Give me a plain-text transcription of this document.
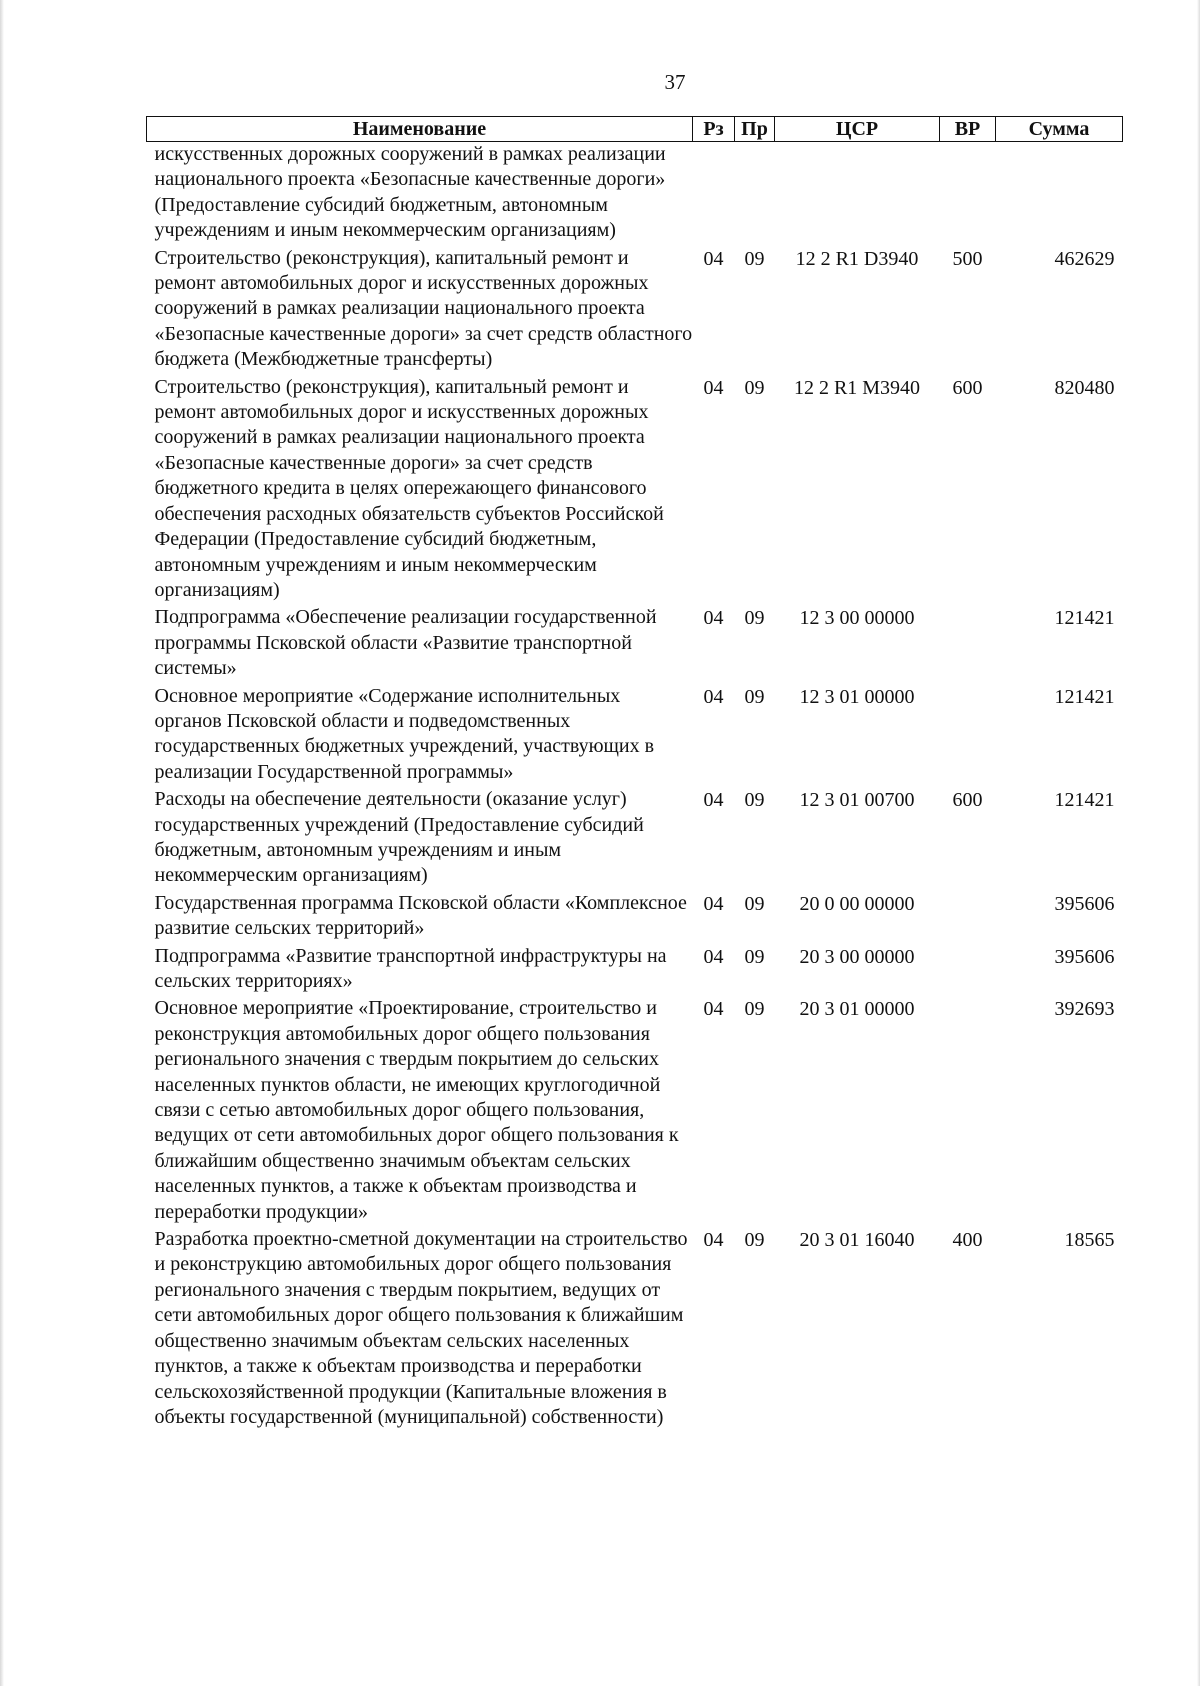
37
Наименование	Рз	Пр	ЦСР	ВР	Сумма
искусственных дорожных сооружений в рамках реализации национального проекта «Безопасные качественные дороги» (Предоставление субсидий бюджетным, автономным учреждениям и иным некоммерческим организациям)					
Строительство (реконструкция), капитальный ремонт и ремонт автомобильных дорог и искусственных дорожных сооружений в рамках реализации национального проекта «Безопасные качественные дороги» за счет средств областного бюджета (Межбюджетные трансферты)	04	09	12 2 R1 D3940	500	462629
Строительство (реконструкция), капитальный ремонт и ремонт автомобильных дорог и искусственных дорожных сооружений в рамках реализации национального проекта «Безопасные качественные дороги» за счет средств бюджетного кредита в целях опережающего финансового обеспечения расходных обязательств субъектов Российской Федерации (Предоставление субсидий бюджетным, автономным учреждениям и иным некоммерческим организациям)	04	09	12 2 R1 M3940	600	820480
Подпрограмма «Обеспечение реализации государственной программы Псковской области «Развитие транспортной системы»	04	09	12 3 00 00000		121421
Основное мероприятие «Содержание исполнительных органов Псковской области и подведомственных государственных бюджетных учреждений, участвующих в реализации Государственной программы»	04	09	12 3 01 00000		121421
Расходы на обеспечение деятельности (оказание услуг) государственных учреждений (Предоставление субсидий бюджетным, автономным учреждениям и иным некоммерческим организациям)	04	09	12 3 01 00700	600	121421
Государственная программа Псковской области «Комплексное развитие сельских территорий»	04	09	20 0 00 00000		395606
Подпрограмма «Развитие транспортной инфраструктуры на сельских территориях»	04	09	20 3 00 00000		395606
Основное мероприятие «Проектирование, строительство и реконструкция автомобильных дорог общего пользования регионального значения с твердым покрытием до сельских населенных пунктов области, не имеющих круглогодичной связи с сетью автомобильных дорог общего пользования, ведущих от сети автомобильных дорог общего пользования к ближайшим общественно значимым объектам сельских населенных пунктов, а также к объектам производства и переработки продукции»	04	09	20 3 01 00000		392693
Разработка проектно-сметной документации на строительство и реконструкцию автомобильных дорог общего пользования регионального значения с твердым покрытием, ведущих от сети автомобильных дорог общего пользования к ближайшим общественно значимым объектам сельских населенных пунктов, а также к объектам производства и переработки сельскохозяйственной продукции (Капитальные вложения в объекты государственной (муниципальной) собственности)	04	09	20 3 01 16040	400	18565
